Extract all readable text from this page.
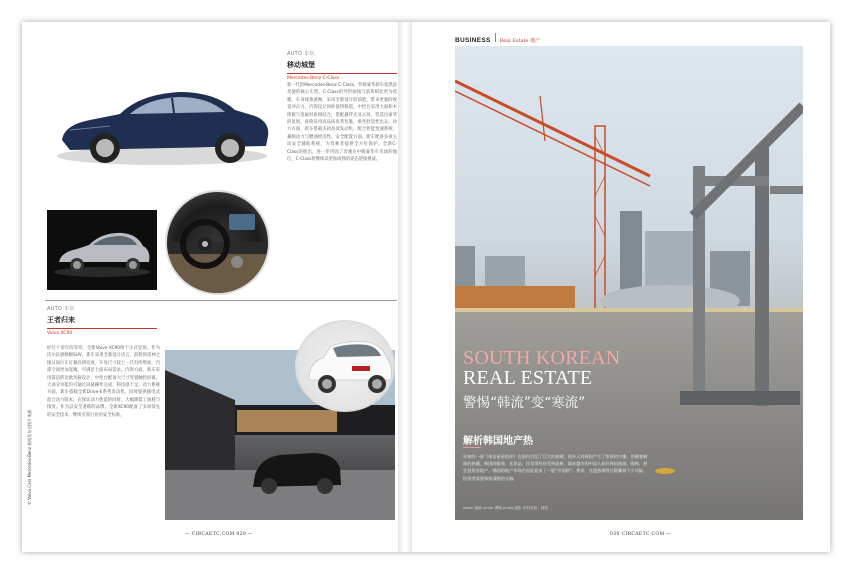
AUTO 车坛
移动城堡
Mercedes-Benz C-Class
新一代的Mercedes-Benz C-Class，传统豪华轿车依然是奔驰的核心车型。C-Class的外形曲线与前辈相比更为优雅，车身线条流畅，采用全新设计的前脸，带来更强的视觉冲击力。内饰设计同样值得称道，中控台采用大面积木饰板与金属材质相结合，搭配悬浮式显示屏，营造出豪华的氛围。座椅采用高品质皮革包裹，乘坐舒适性出众。动力方面，新车搭载多款高效发动机，配合智能变速系统，兼顾动力与燃油经济性。安全配置方面，新车配备多项主动安全辅助系统，为驾乘者提供全方位保护。全新C-Class的推出，进一步巩固了奔驰在中级豪华车市场的地位，C-Class将继续以更加成熟的姿态迎接挑战。
AUTO 车坛
王者归来
Volvo XC90
经过十余年的等待，全新Volvo XC90终于正式登场。作为沃尔沃旗舰级SUV，新车采用全新设计语言，前脸的雷神之锤日间行车灯极具辨识度。车身尺寸较上一代有所增加，内部空间更加宽敞，可满足七座布局需求。内饰方面，新车采用简洁的北欧风格设计，中控台配备大尺寸竖置触控屏幕，大部分功能均可通过屏幕操作完成，科技感十足。动力系统方面，新车搭载全新Drive-E系列发动机，同时提供插电式混合动力版本，在保证动力性能的同时，大幅降低了油耗与排放。作为以安全著称的品牌，全新XC90配备了多项领先的安全技术，继续引领行业的安全标准。
© Volvo Cars Mercedes-Benz 新闻发布会图片来源
— CIRCAETC.COM 029 —
BUSINESS Real Estate 地产
SOUTH KOREAN
REAL ESTATE
警惕“韩流”变“寒流”
解析韩国地产热
年初的一部《来自星星的你》在国内引发了巨大的热潮，很多人对韩国产生了浓厚的兴趣。伴随着韩剧的热播，韩国的服装、化妆品、饮食等纷纷受到追捧，越来越多的中国人前往韩国旅游、购物，甚至投资房地产。韩国的地产市场也因此迎来了一股“中国热”。然而，这股热潮背后隐藏着不少风险，投资者需要保持清醒的头脑。
editor 编辑 writer 撰稿 photo 摄影 资料来源：网络
030 CIRCAETC.COM —
